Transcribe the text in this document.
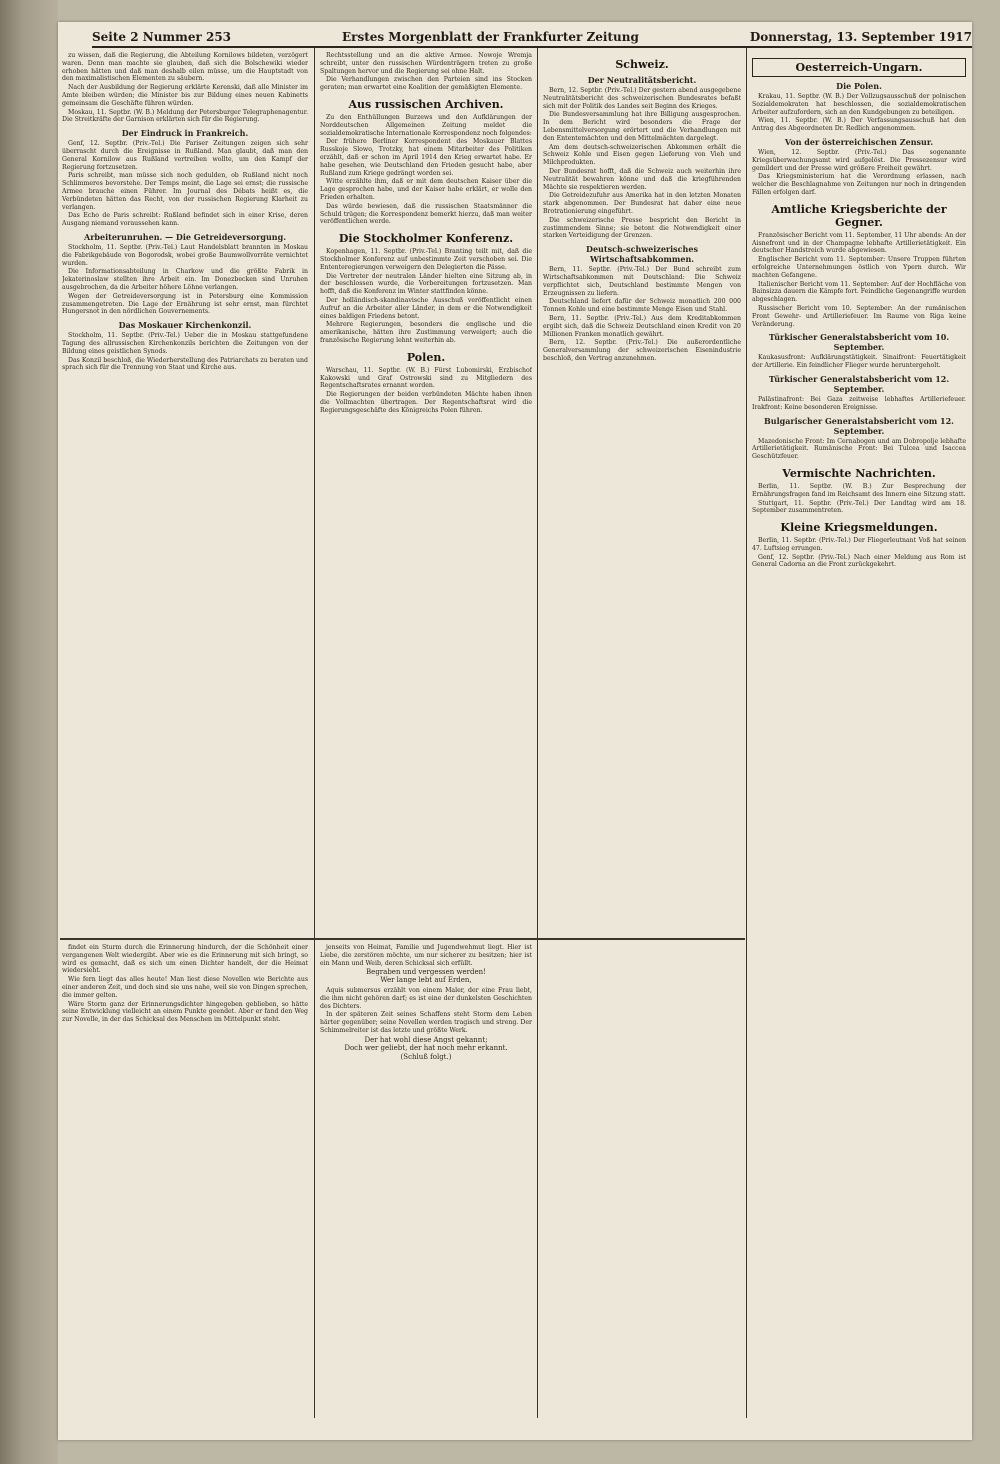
Seite 2 Nummer 253	Erstes Morgenblatt der Frankfurter Zeitung	Donnerstag, 13. September 1917

zu wissen, daß die Regierung, die Abteilung Kornilows bildeten, verzögert waren. Denn man machte sie glauben, daß sich die Bolschewiki wieder erhoben hätten und daß man deshalb eilen müsse, um die Hauptstadt von den maximalistischen Elementen zu säubern.

Nach der Ausbildung der Regierung erklärte Kerenski, daß alle Minister im Amte bleiben würden; die Minister bis zur Bildung eines neuen Kabinetts gemeinsam die Geschäfte führen würden.

Moskau, 11. Septbr. (W. B.) Meldung der Petersburger Telegraphenagentur. Die Streitkräfte der Garnison erklärten sich für die Regierung.

Der Eindruck in Frankreich.

Genf, 12. Septbr. (Priv.-Tel.) Die Pariser Zeitungen zeigen sich sehr überrascht durch die Ereignisse in Rußland. Man glaubt, daß man den General Kornilow aus Rußland vertreiben wollte, um den Kampf der Regierung fortzusetzen.

Paris schreibt, man müsse sich noch gedulden, ob Rußland nicht noch Schlimmeres bevorstehe. Der Temps meint, die Lage sei ernst; die russische Armee brauche einen Führer. Im Journal des Débats heißt es, die Verbündeten hätten das Recht, von der russischen Regierung Klarheit zu verlangen.

Das Echo de Paris schreibt: Rußland befindet sich in einer Krise, deren Ausgang niemand voraussehen kann.

Arbeiterunruhen. — Die Getreideversorgung.

Stockholm, 11. Septbr. (Priv.-Tel.) Laut Handelsblatt brannten in Moskau die Fabrikgebäude von Bogorodsk, wobei große Baumwollvorräte vernichtet wurden.

Die Informationsabteilung in Charkow und die größte Fabrik in Jekaterinoslaw stellten ihre Arbeit ein. Im Donezbecken sind Unruhen ausgebrochen, da die Arbeiter höhere Löhne verlangen.

Wegen der Getreideversorgung ist in Petersburg eine Kommission zusammengetreten. Die Lage der Ernährung ist sehr ernst, man fürchtet Hungersnot in den nördlichen Gouvernements.

Das Moskauer Kirchenkonzil.

Stockholm, 11. Septbr. (Priv.-Tel.) Ueber die in Moskau stattgefundene Tagung des allrussischen Kirchenkonzils berichten die Zeitungen von der Bildung eines geistlichen Synods.

Das Konzil beschloß, die Wiederherstellung des Patriarchats zu beraten und sprach sich für die Trennung von Staat und Kirche aus.

Rechtsstellung und an die aktive Armee. Nowoje Wremja schreibt, unter den russischen Würdenträgern treten zu große Spaltungen hervor und die Regierung sei ohne Halt.

Die Verhandlungen zwischen den Parteien sind ins Stocken geraten; man erwartet eine Koalition der gemäßigten Elemente.

Aus russischen Archiven.

Zu den Enthüllungen Burzews und den Aufklärungen der Norddeutschen Allgemeinen Zeitung meldet die sozialdemokratische Internationale Korrespondenz noch folgendes:

Der frühere Berliner Korrespondent des Moskauer Blattes Russkoje Slowo, Trotzky, hat einem Mitarbeiter des Politiken erzählt, daß er schon im April 1914 den Krieg erwartet habe. Er habe gesehen, wie Deutschland den Frieden gesucht habe, aber Rußland zum Kriege gedrängt worden sei.

Witte erzählte ihm, daß er mit dem deutschen Kaiser über die Lage gesprochen habe, und der Kaiser habe erklärt, er wolle den Frieden erhalten.

Das würde bewiesen, daß die russischen Staatsmänner die Schuld trügen; die Korrespondenz bemerkt hierzu, daß man weiter veröffentlichen werde.

Die Stockholmer Konferenz.

Kopenhagen, 11. Septbr. (Priv.-Tel.) Branting teilt mit, daß die Stockholmer Konferenz auf unbestimmte Zeit verschoben sei. Die Ententeregierungen verweigern den Delegierten die Pässe.

Die Vertreter der neutralen Länder hielten eine Sitzung ab, in der beschlossen wurde, die Vorbereitungen fortzusetzen. Man hofft, daß die Konferenz im Winter stattfinden könne.

Der holländisch-skandinavische Ausschuß veröffentlicht einen Aufruf an die Arbeiter aller Länder, in dem er die Notwendigkeit eines baldigen Friedens betont.

Mehrere Regierungen, besonders die englische und die amerikanische, hätten ihre Zustimmung verweigert; auch die französische Regierung lehnt weiterhin ab.

Polen.

Warschau, 11. Septbr. (W. B.) Fürst Lubomirski, Erzbischof Kakowski und Graf Ostrowski sind zu Mitgliedern des Regentschaftsrates ernannt worden.

Die Regierungen der beiden verbündeten Mächte haben ihnen die Vollmachten übertragen. Der Regentschaftsrat wird die Regierungsgeschäfte des Königreichs Polen führen.

Schweiz.
Der Neutralitätsbericht.

Bern, 12. Septbr. (Priv.-Tel.) Der gestern abend ausgegebene Neutralitätsbericht des schweizerischen Bundesrates befaßt sich mit der Politik des Landes seit Beginn des Krieges.

Die Bundesversammlung hat ihre Billigung ausgesprochen. In dem Bericht wird besonders die Frage der Lebensmittelversorgung erörtert und die Verhandlungen mit den Ententemächten und den Mittelmächten dargelegt.

Am dem deutsch-schweizerischen Abkommen erhält die Schweiz Kohle und Eisen gegen Lieferung von Vieh und Milchprodukten.

Der Bundesrat hofft, daß die Schweiz auch weiterhin ihre Neutralität bewahren könne und daß die kriegführenden Mächte sie respektieren werden.

Die Getreidezufuhr aus Amerika hat in den letzten Monaten stark abgenommen. Der Bundesrat hat daher eine neue Brotrationierung eingeführt.

Die schweizerische Presse bespricht den Bericht in zustimmendem Sinne; sie betont die Notwendigkeit einer starken Verteidigung der Grenzen.

Deutsch-schweizerisches Wirtschaftsabkommen.

Bern, 11. Septbr. (Priv.-Tel.) Der Bund schreibt zum Wirtschaftsabkommen mit Deutschland: Die Schweiz verpflichtet sich, Deutschland bestimmte Mengen von Erzeugnissen zu liefern.

Deutschland liefert dafür der Schweiz monatlich 200 000 Tonnen Kohle und eine bestimmte Menge Eisen und Stahl.

Bern, 11. Septbr. (Priv.-Tel.) Aus dem Kreditabkommen ergibt sich, daß die Schweiz Deutschland einen Kredit von 20 Millionen Franken monatlich gewährt.

Bern, 12. Septbr. (Priv.-Tel.) Die außerordentliche Generalversammlung der schweizerischen Eisenindustrie beschloß, den Vertrag anzunehmen.

Oesterreich-Ungarn.
Die Polen.

Krakau, 11. Septbr. (W. B.) Der Vollzugsausschuß der polnischen Sozialdemokraten hat beschlossen, die sozialdemokratischen Arbeiter aufzufordern, sich an den Kundgebungen zu beteiligen.

Wien, 11. Septbr. (W. B.) Der Verfassungsausschuß hat den Antrag des Abgeordneten Dr. Redlich angenommen.

Von der österreichischen Zensur.

Wien, 12. Septbr. (Priv.-Tel.) Das sogenannte Kriegsüberwachungsamt wird aufgelöst. Die Pressezensur wird gemildert und der Presse wird größere Freiheit gewährt.

Das Kriegsministerium hat die Verordnung erlassen, nach welcher die Beschlagnahme von Zeitungen nur noch in dringenden Fällen erfolgen darf.

Amtliche Kriegsberichte der Gegner.

Französischer Bericht vom 11. September, 11 Uhr abends: An der Aisnefront und in der Champagne lebhafte Artillerietätigkeit. Ein deutscher Handstreich wurde abgewiesen.

Englischer Bericht vom 11. September: Unsere Truppen führten erfolgreiche Unternehmungen östlich von Ypern durch. Wir machten Gefangene.

Italienischer Bericht vom 11. September: Auf der Hochfläche von Bainsizza dauern die Kämpfe fort. Feindliche Gegenangriffe wurden abgeschlagen.

Russischer Bericht vom 10. September: An der rumänischen Front Gewehr- und Artilleriefeuer. Im Raume von Riga keine Veränderung.

Türkischer Generalstabsbericht vom 10. September.

Kaukasusfront: Aufklärungstätigkeit. Sinaifront: Feuertätigkeit der Artillerie. Ein feindlicher Flieger wurde heruntergeholt.

Türkischer Generalstabsbericht vom 12. September.

Palästinafront: Bei Gaza zeitweise lebhaftes Artilleriefeuer. Irakfront: Keine besonderen Ereignisse.

Bulgarischer Generalstabsbericht vom 12. September.

Mazedonische Front: Im Cernabogen und am Dobropolje lebhafte Artillerietätigkeit. Rumänische Front: Bei Tulcea und Isaccea Geschützfeuer.

Vermischte Nachrichten.

Berlin, 11. Septbr. (W. B.) Zur Besprechung der Ernährungsfragen fand im Reichsamt des Innern eine Sitzung statt.

Stuttgart, 11. Septbr. (Priv.-Tel.) Der Landtag wird am 18. September zusammentreten.

Kleine Kriegsmeldungen.

Berlin, 11. Septbr. (Priv.-Tel.) Der Fliegerleutnant Voß hat seinen 47. Luftsieg errungen.

Genf, 12. Septbr. (Priv.-Tel.) Nach einer Meldung aus Rom ist General Cadorna an die Front zurückgekehrt.

findet ein Sturm durch die Erinnerung hindurch, der die Schönheit einer vergangenen Welt wiedergibt. Aber wie es die Erinnerung mit sich bringt, so wird es gemacht, daß es sich um einen Dichter handelt, der die Heimat wiedersieht.

Wie fern liegt das alles heute! Man liest diese Novellen wie Berichte aus einer anderen Zeit, und doch sind sie uns nahe, weil sie von Dingen sprechen, die immer gelten.

Wäre Storm ganz der Erinnerungsdichter hingegeben geblieben, so hätte seine Entwicklung vielleicht an einem Punkte geendet. Aber er fand den Weg zur Novelle, in der das Schicksal des Menschen im Mittelpunkt steht.

jenseits von Heimat, Familie und Jugendwehmut liegt. Hier ist Liebe, die zerstören möchte, um nur sicherer zu besitzen; hier ist ein Mann und Weib, deren Schicksal sich erfüllt.

Begraben und vergessen werden!
Wer lange lebt auf Erden,

Aquis submersus erzählt von einem Maler, der eine Frau liebt, die ihm nicht gehören darf; es ist eine der dunkelsten Geschichten des Dichters.

In der späteren Zeit seines Schaffens steht Storm dem Leben härter gegenüber; seine Novellen werden tragisch und streng. Der Schimmelreiter ist das letzte und größte Werk.

Der hat wohl diese Angst gekannt;
Doch wer geliebt, der hat noch mehr erkannt.
(Schluß folgt.)
